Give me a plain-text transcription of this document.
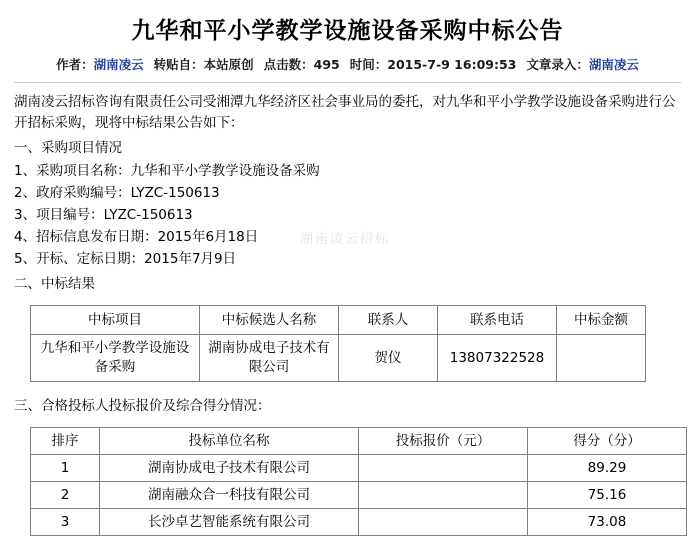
九华和平小学教学设施设备采购中标公告
作者：湖南凌云 转贴自：本站原创 点击数：495 时间：2015-7-9 16:09:53 文章录入：湖南凌云

湖南凌云招标咨询有限责任公司受湘潭九华经济区社会事业局的委托，对九华和平小学教学设施设备采购进行公开招标采购，现将中标结果公告如下：

一、采购项目情况

1、采购项目名称：九华和平小学教学设施设备采购

2、政府采购编号：LYZC-150613

3、项目编号：LYZC-150613

4、招标信息发布日期：2015年6月18日

5、开标、定标日期：2015年7月9日

二、中标结果

湖南凌云招标
中标项目	中标候选人名称	联系人	联系电话	中标金额
九华和平小学教学设施设备采购	湖南协成电子技术有限公司	贺仪	13807322528	

三、合格投标人投标报价及综合得分情况：

排序	投标单位名称	投标报价（元）	得分（分）
1	湖南协成电子技术有限公司		89.29
2	湖南融众合一科技有限公司		75.16
3	长沙卓艺智能系统有限公司		73.08
